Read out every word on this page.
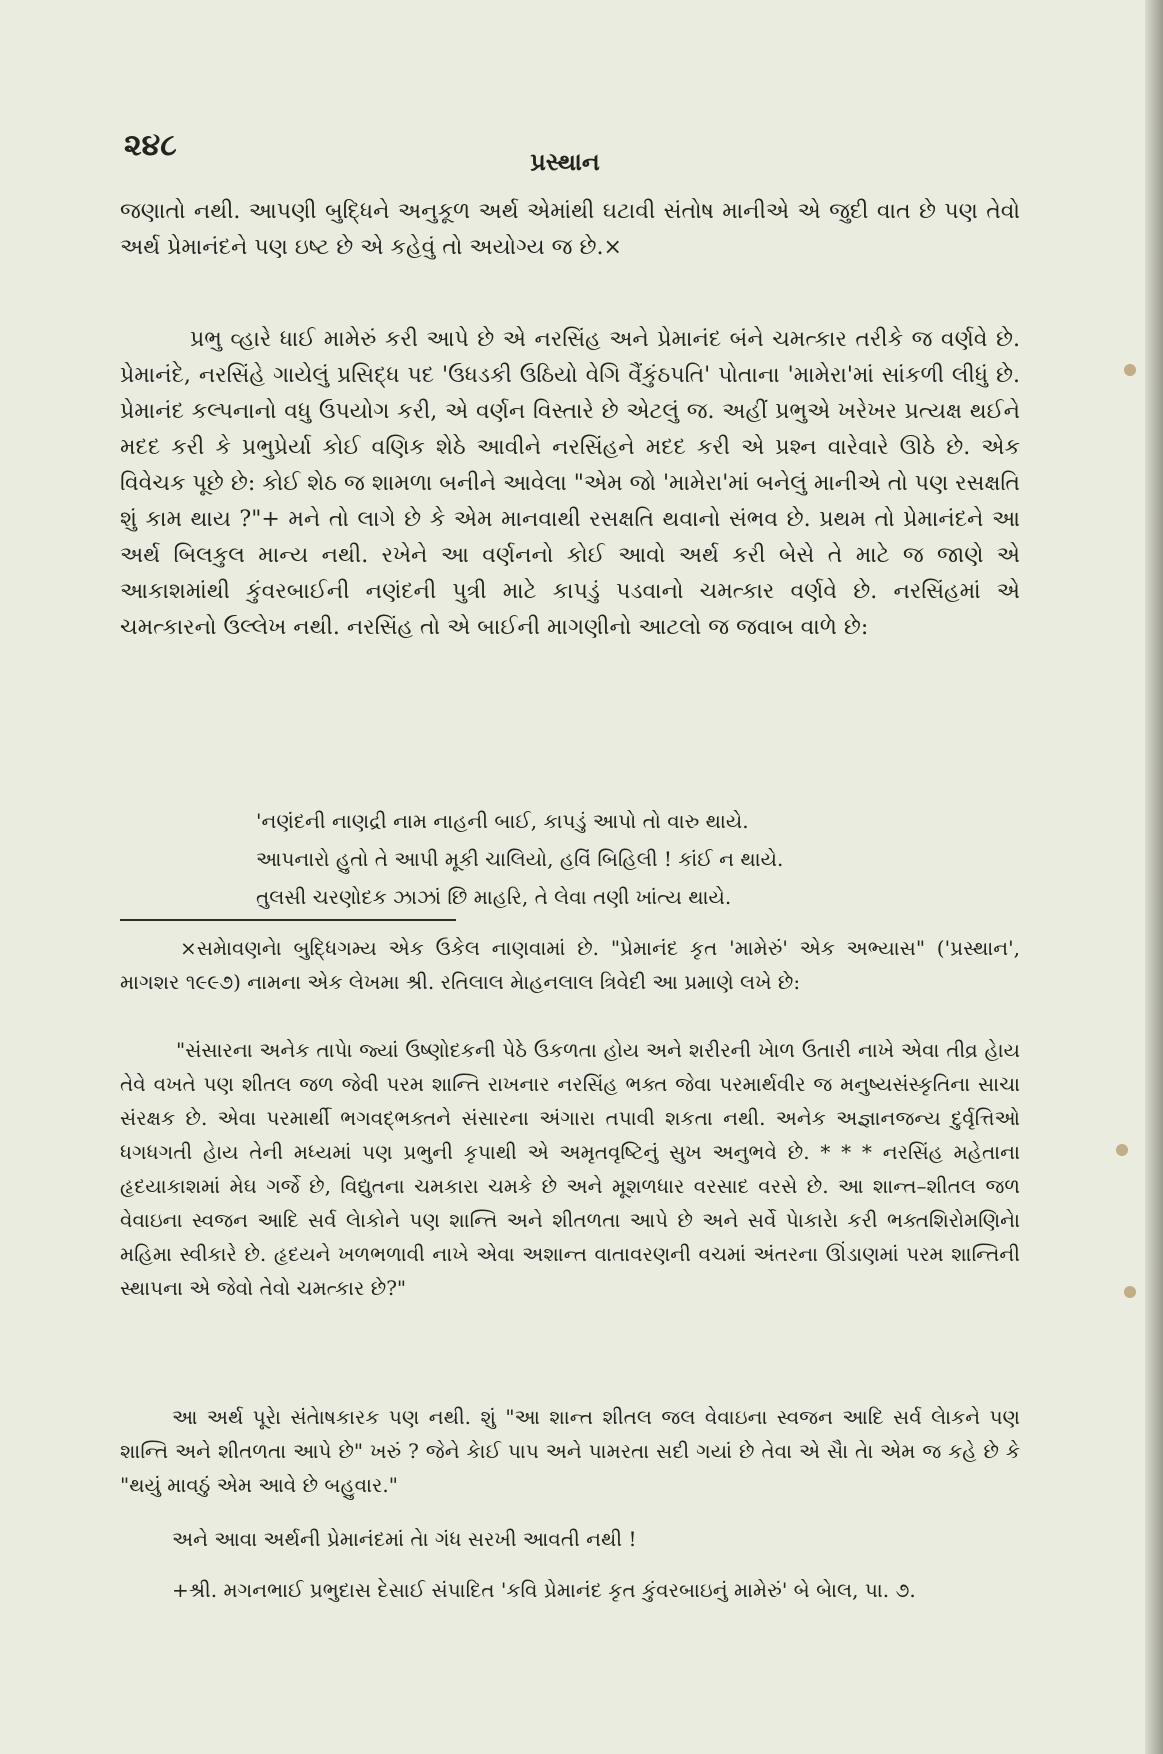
૨૪૮	પ્રસ્થાન

જણાતો નથી. આપણી બુદ્ધિને અનુકૂળ અર્થ એમાંથી ઘટાવી સંતોષ માનીએ એ જુદી વાત છે પણ તેવો અર્થ પ્રેમાનંદને પણ ઇષ્ટ છે એ કહેવું તો અયોગ્ય જ છે.×

પ્રભુ વ્હારે ધાઈ મામેરું કરી આપે છે એ નરસિંહ અને પ્રેમાનંદ બંને ચમત્કાર તરીકે જ વર્ણવે છે. પ્રેમાનંદે, નરસિંહે ગાયેલું પ્રસિદ્ધ પદ 'ઉધડકી ઉઠિયો વેગિ વૈંકુંઠપતિ' પોતાના 'મામેરા'માં સાંકળી લીધું છે. પ્રેમાનંદ કલ્પનાનો વધુ ઉપયોગ કરી, એ વર્ણન વિસ્તારે છે એટલું જ. અહીં પ્રભુએ ખરેખર પ્રત્યક્ષ થઈને મદદ કરી કે પ્રભુપ્રેર્યા કોઈ વણિક શેઠે આવીને નરસિંહને મદદ કરી એ પ્રશ્ન વારેવારે ઊઠે છે. એક વિવેચક પૂછે છે: કોઈ શેઠ જ શામળા બનીને આવેલા "એમ જો 'મામેરા'માં બનેલું માનીએ તો પણ રસક્ષતિ શું કામ થાય ?"+ મને તો લાગે છે કે એમ માનવાથી રસક્ષતિ થવાનો સંભવ છે. પ્રથમ તો પ્રેમાનંદને આ અર્થ બિલકુલ માન્ય નથી. રખેને આ વર્ણનનો કોઈ આવો અર્થ કરી બેસે તે માટે જ જાણે એ આકાશમાંથી કુંવરબાઈની નણંદની પુત્રી માટે કાપડું પડવાનો ચમત્કાર વર્ણવે છે. નરસિંહમાં એ ચમત્કારનો ઉલ્લેખ નથી. નરસિંહ તો એ બાઈની માગણીનો આટલો જ જવાબ વાળે છે:

'નણંદની નાણદ્રી નામ નાહની બાઈ, કાપડું આપો તો વારુ થાયે.
આપનારો હુતો તે આપી મૂકી ચાલિયો, હવિં બિહિલી ! કાંઈ ન થાયે.
તુલસી ચરણોદક ઝાઝાં છિ માહરિ, તે લેવા તણી ખાંત્ય થાયે.

×સમેાવણનેા બુદ્ધિગમ્ય એક ઉકેલ નાણવામાં છે. "પ્રેમાનંદ કૃત 'મામેરું' એક અભ્યાસ" ('પ્રસ્થાન', માગશર ૧૯૯૭) નામના એક લેખમા શ્રી. રતિલાલ મેાહનલાલ ત્રિવેદી આ પ્રમાણે લખે છે:

"સંસારના અનેક તાપેા જ્યાં ઉષ્ણોદકની પેઠે ઉકળતા હોય અને શરીરની ખેાળ ઉતારી નાખે એવા તીવ્ર હેાય તેવે વખતે પણ શીતલ જળ જેવી પરમ શાન્તિ રાખનાર નરસિંહ ભક્ત જેવા પરમાર્થવીર જ મનુષ્યસંસ્કૃતિના સાચા સંરક્ષક છે. એવા પરમાર્થી ભગવદ્ભક્તને સંસારના અંગારા તપાવી શકતા નથી. અનેક અજ્ઞાનજન્ય દુર્વૃત્તિઓ ધગધગતી હેાય તેની મધ્યમાં પણ પ્રભુની કૃપાથી એ અમૃતવૃષ્ટિનું સુખ અનુભવે છે. * * * નરસિંહ મહેતાના હૃદયાકાશમાં મેઘ ગર્જે છે, વિદ્યુતના ચમકારા ચમકે છે અને મૂશળધાર વરસાદ વરસે છે. આ શાન્ત–શીતલ જળ વેવાઇના સ્વજન આદિ સર્વ લેાકોને પણ શાન્તિ અને શીતળતા આપે છે અને સર્વે પેાકારેા કરી ભક્તશિરોમણિનેા મહિમા સ્વીકારે છે. હૃદયને ખળભળાવી નાખે એવા અશાન્ત વાતાવરણની વચમાં અંતરના ઊંડાણમાં પરમ શાન્તિની સ્થાપના એ જેવો તેવો ચમત્કાર છે?"

આ અર્થ પૂરેા સંતેાષકારક પણ નથી. શું "આ શાન્ત શીતલ જલ વેવાઇના સ્વજન આદિ સર્વ લેાકને પણ શાન્તિ અને શીતળતા આપે છે" ખરું ? જેને કેાઈ પાપ અને પામરતા સદી ગયાં છે તેવા એ સૈા તેા એમ જ કહે છે કે "થયું માવઠું એમ આવે છે બહુવાર."

અને આવા અર્થની પ્રેમાનંદમાં તેા ગંધ સરખી આવતી નથી !

+શ્રી. મગનભાઈ પ્રભુદાસ દેસાઈ સંપાદિત 'કવિ પ્રેમાનંદ કૃત કુંવરબાઇનું મામેરું' બે બેાલ, પા. ૭.
